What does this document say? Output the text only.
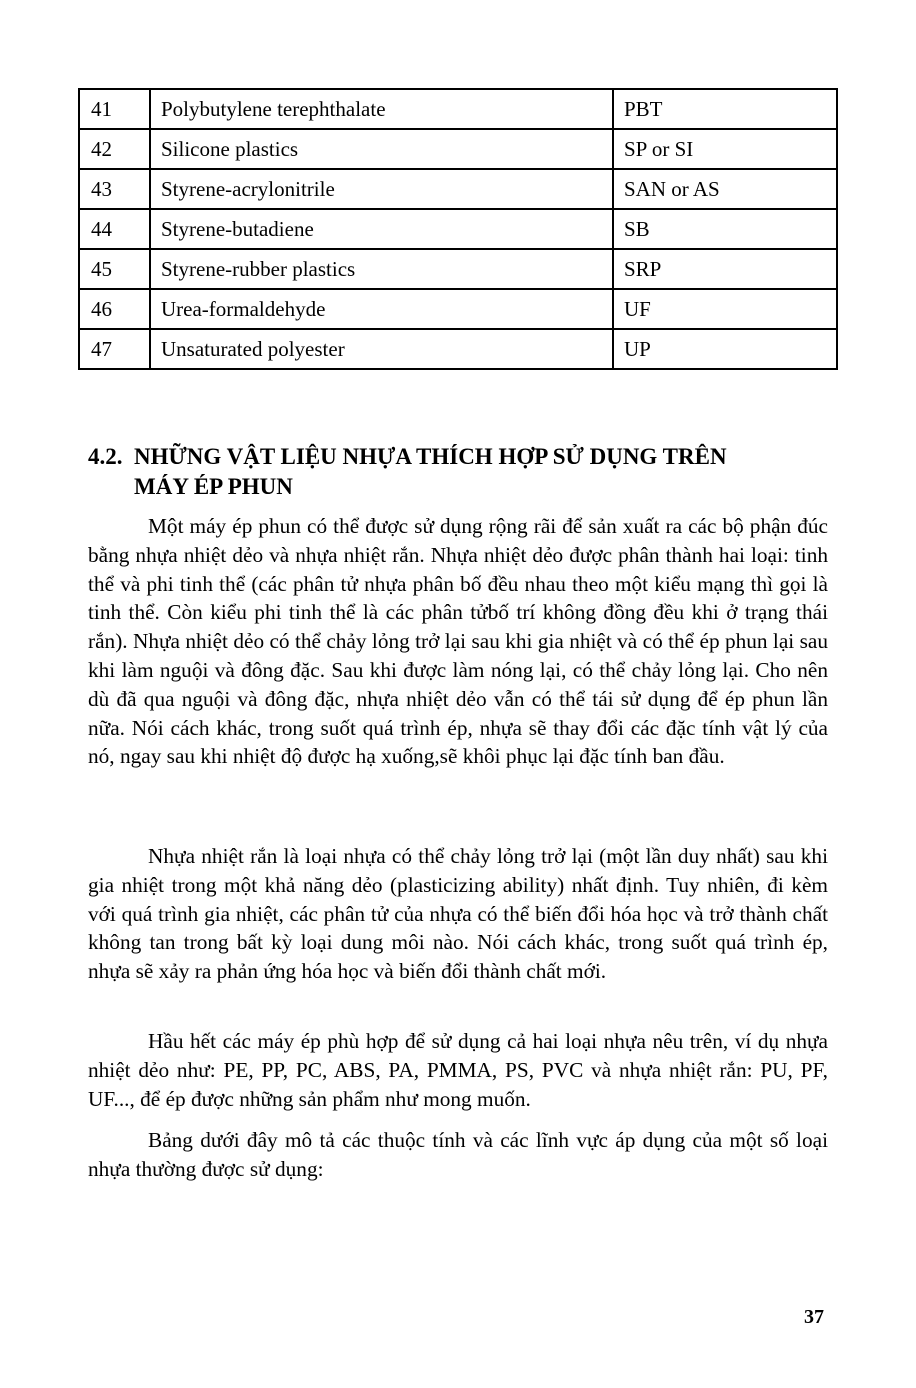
41	Polybutylene terephthalate	PBT
42	Silicone plastics	SP or SI
43	Styrene-acrylonitrile	SAN or AS
44	Styrene-butadiene	SB
45	Styrene-rubber plastics	SRP
46	Urea-formaldehyde	UF
47	Unsaturated polyester	UP
4.2. NHỮNG VẬT LIỆU NHỰA THÍCH HỢP SỬ DỤNG TRÊN
MÁY ÉP PHUN

Một máy ép phun có thể được sử dụng rộng rãi để sản xuất ra các bộ phận đúc bằng nhựa nhiệt dẻo và nhựa nhiệt rắn. Nhựa nhiệt dẻo được phân thành hai loại: tinh thể và phi tinh thể (các phân tử nhựa phân bố đều nhau theo một kiểu mạng thì gọi là tinh thể. Còn kiểu phi tinh thể là các phân tửbố trí không đồng đều khi ở trạng thái rắn). Nhựa nhiệt dẻo có thể chảy lỏng trở lại sau khi gia nhiệt và có thể ép phun lại sau khi làm nguội và đông đặc. Sau khi được làm nóng lại, có thể chảy lỏng lại. Cho nên dù đã qua nguội và đông đặc, nhựa nhiệt dẻo vẫn có thể tái sử dụng để ép phun lần nữa. Nói cách khác, trong suốt quá trình ép, nhựa sẽ thay đổi các đặc tính vật lý của nó, ngay sau khi nhiệt độ được hạ xuống,sẽ khôi phục lại đặc tính ban đầu.

Nhựa nhiệt rắn là loại nhựa có thể chảy lỏng trở lại (một lần duy nhất) sau khi gia nhiệt trong một khả năng dẻo (plasticizing ability) nhất định. Tuy nhiên, đi kèm với quá trình gia nhiệt, các phân tử của nhựa có thể biến đổi hóa học và trở thành chất không tan trong bất kỳ loại dung môi nào. Nói cách khác, trong suốt quá trình ép, nhựa sẽ xảy ra phản ứng hóa học và biến đổi thành chất mới.

Hầu hết các máy ép phù hợp để sử dụng cả hai loại nhựa nêu trên, ví dụ nhựa nhiệt dẻo như: PE, PP, PC, ABS, PA, PMMA, PS, PVC và nhựa nhiệt rắn: PU, PF, UF..., để ép được những sản phẩm như mong muốn.

Bảng dưới đây mô tả các thuộc tính và các lĩnh vực áp dụng của một số loại nhựa thường được sử dụng:

37
